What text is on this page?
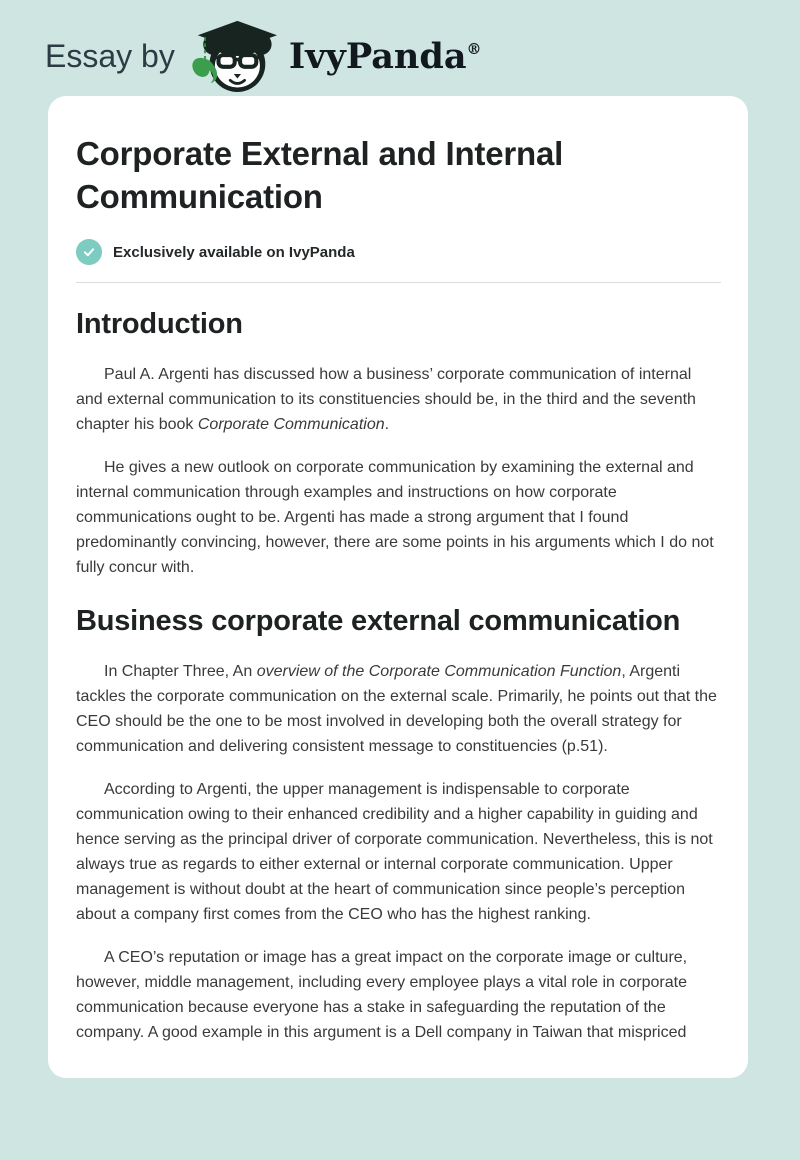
Essay by	IvyPanda®
Corporate External and Internal Communication
Exclusively available on IvyPanda
Introduction

Paul A. Argenti has discussed how a business’ corporate communication of internal and external communication to its constituencies should be, in the third and the seventh chapter his book Corporate Communication.

He gives a new outlook on corporate communication by examining the external and internal communication through examples and instructions on how corporate communications ought to be. Argenti has made a strong argument that I found predominantly convincing, however, there are some points in his arguments which I do not fully concur with.

Business corporate external communication

In Chapter Three, An overview of the Corporate Communication Function, Argenti tackles the corporate communication on the external scale. Primarily, he points out that the CEO should be the one to be most involved in developing both the overall strategy for communication and delivering consistent message to constituencies (p.51).

According to Argenti, the upper management is indispensable to corporate communication owing to their enhanced credibility and a higher capability in guiding and hence serving as the principal driver of corporate communication. Nevertheless, this is not always true as regards to either external or internal corporate communication. Upper management is without doubt at the heart of communication since people’s perception about a company first comes from the CEO who has the highest ranking.

A CEO’s reputation or image has a great impact on the corporate image or culture, however, middle management, including every employee plays a vital role in corporate communication because everyone has a stake in safeguarding the reputation of the company. A good example in this argument is a Dell company in Taiwan that mispriced
